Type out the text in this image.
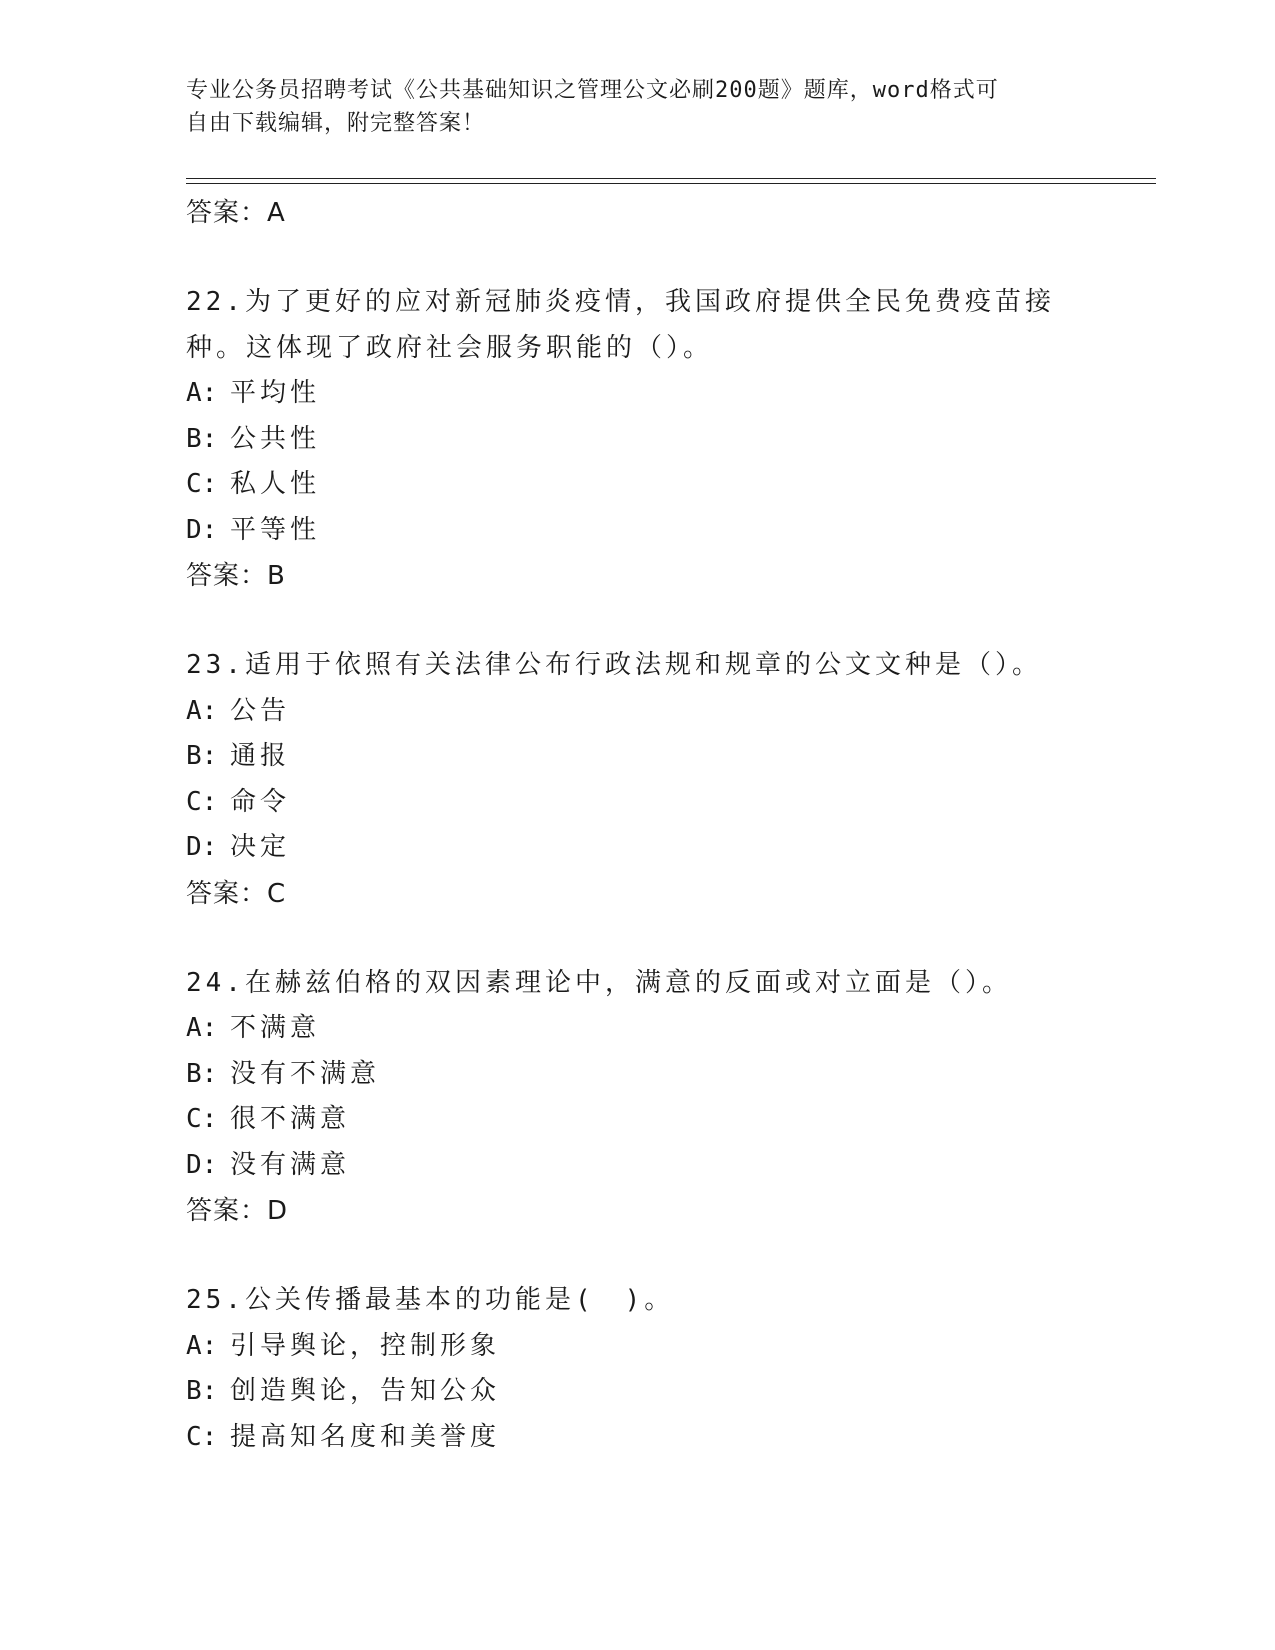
专业公务员招聘考试《公共基础知识之管理公文必刷200题》题库，word格式可
自由下载编辑，附完整答案！
答案：A
22.为了更好的应对新冠肺炎疫情，我国政府提供全民免费疫苗接种。这体现了政府社会服务职能的（）。
A: 平均性
B: 公共性
C: 私人性
D: 平等性
答案：B
23.适用于依照有关法律公布行政法规和规章的公文文种是（）。
A: 公告
B: 通报
C: 命令
D: 决定
答案：C
24.在赫兹伯格的双因素理论中，满意的反面或对立面是（）。
A: 不满意
B: 没有不满意
C: 很不满意
D: 没有满意
答案：D
25.公关传播最基本的功能是(　)。
A: 引导舆论，控制形象
B: 创造舆论，告知公众
C: 提高知名度和美誉度
